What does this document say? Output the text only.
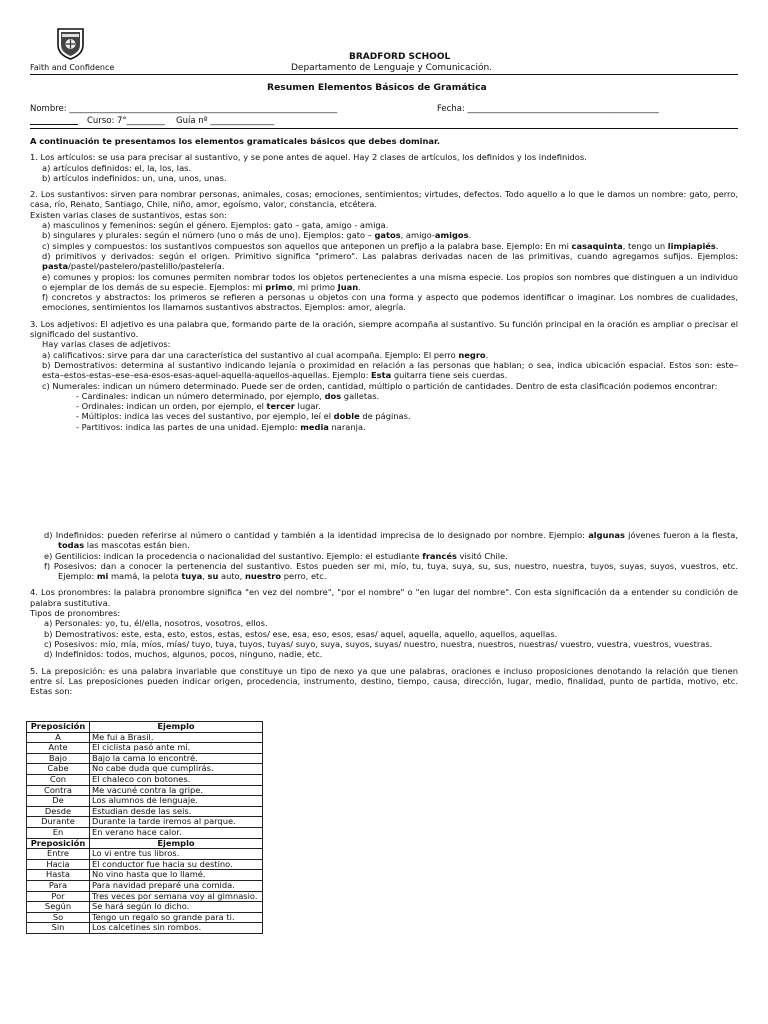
Faith and Confidence
BRADFORD SCHOOL
Departamento de Lenguaje y Comunicación.
Resumen Elementos Básicos de Gramática
Nombre: _______________________________________________________________	Fecha: _____________________________________________
Curso: 7°_________ Guía nº _______________

A continuación te presentamos los elementos gramaticales básicos que debes dominar.

1. Los artículos: se usa para precisar al sustantivo, y se pone antes de aquel. Hay 2 clases de artículos, los definidos y los indefinidos.

a) artículos definidos: el, la, los, las.

b) artículos indefinidos: un, una, unos, unas.

2. Los sustantivos: sirven para nombrar personas, animales, cosas; emociones, sentimientos; virtudes, defectos. Todo aquello a lo que le damos un nombre: gato, perro, casa, río, Renato, Santiago, Chile, niño, amor, egoísmo, valor, constancia, etcétera.

Existen varias clases de sustantivos, estas son:

a) masculinos y femeninos: según el género. Ejemplos: gato – gata, amigo - amiga.

b) singulares y plurales: según el número (uno o más de uno). Ejemplos: gato – gatos, amigo-amigos.

c) simples y compuestos: los sustantivos compuestos son aquellos que anteponen un prefijo a la palabra base. Ejemplo: En mi casaquinta, tengo un limpiapiés.

d) primitivos y derivados: según el origen. Primitivo significa "primero". Las palabras derivadas nacen de las primitivas, cuando agregamos sufijos. Ejemplos: pasta/pastel/pastelero/pastelillo/pastelería.

e) comunes y propios: los comunes permiten nombrar todos los objetos pertenecientes a una misma especie. Los propios son nombres que distinguen a un individuo o ejemplar de los demás de su especie. Ejemplos: mi primo, mi primo Juan.

f) concretos y abstractos: los primeros se refieren a personas u objetos con una forma y aspecto que podemos identificar o imaginar. Los nombres de cualidades, emociones, sentimientos los llamamos sustantivos abstractos. Ejemplos: amor, alegría.

3. Los adjetivos: El adjetivo es una palabra que, formando parte de la oración, siempre acompaña al sustantivo. Su función principal en la oración es ampliar o precisar el significado del sustantivo.

Hay varias clases de adjetivos:

a) calificativos: sirve para dar una característica del sustantivo al cual acompaña. Ejemplo: El perro negro.

b) Demostrativos: determina al sustantivo indicando lejanía o proximidad en relación a las personas que hablan; o sea, indica ubicación espacial. Estos son: este–esta–estos-estas–ese–esa-esos-esas-aquel-aquella-aquellos-aquellas. Ejemplo: Esta guitarra tiene seis cuerdas.

c) Numerales: indican un número determinado. Puede ser de orden, cantidad, múltiplo o partición de cantidades. Dentro de esta clasificación podemos encontrar:

- Cardinales: indican un número determinado, por ejemplo, dos galletas.

- Ordinales: indican un orden, por ejemplo, el tercer lugar.

- Múltiplos: indica las veces del sustantivo, por ejemplo, leí el doble de páginas.

- Partitivos: indica las partes de una unidad. Ejemplo: media naranja.

d) Indefinidos: pueden referirse al número o cantidad y también a la identidad imprecisa de lo designado por nombre. Ejemplo: algunas jóvenes fueron a la fiesta, todas las mascotas están bien.

e) Gentilicios: indican la procedencia o nacionalidad del sustantivo. Ejemplo: el estudiante francés visitó Chile.

f) Posesivos: dan a conocer la pertenencia del sustantivo. Estos pueden ser mi, mío, tu, tuya, suya, su, sus, nuestro, nuestra, tuyos, suyas, suyos, vuestros, etc. Ejemplo: mi mamá, la pelota tuya, su auto, nuestro perro, etc.

4. Los pronombres: la palabra pronombre significa "en vez del nombre", "por el nombre" o "en lugar del nombre". Con esta significación da a entender su condición de palabra sustitutiva.

Tipos de pronombres:

a) Personales: yo, tu, él/ella, nosotros, vosotros, ellos.

b) Demostrativos: este, esta, esto, estos, estas, estos/ ese, esa, eso, esos, esas/ aquel, aquella, aquello, aquellos, aquellas.

c) Posesivos: mío, mía, míos, mías/ tuyo, tuya, tuyos, tuyas/ suyo, suya, suyos, suyas/ nuestro, nuestra, nuestros, nuestras/ vuestro, vuestra, vuestros, vuestras.

d) Indefinidos: todos, muchos, algunos, pocos, ninguno, nadie, etc.

5. La preposición: es una palabra invariable que constituye un tipo de nexo ya que une palabras, oraciones e incluso proposiciones denotando la relación que tienen entre sí. Las preposiciones pueden indicar origen, procedencia, instrumento, destino, tiempo, causa, dirección, lugar, medio, finalidad, punto de partida, motivo, etc. Estas son:

Preposición	Ejemplo
A	Me fui a Brasil.
Ante	El ciclista pasó ante mí.
Bajo	Bajo la cama lo encontré.
Cabe	No cabe duda que cumplirás.
Con	El chaleco con botones.
Contra	Me vacuné contra la gripe.
De	Los alumnos de lenguaje.
Desde	Estudian desde las seis.
Durante	Durante la tarde iremos al parque.
En	En verano hace calor.
Preposición	Ejemplo
Entre	Lo vi entre tus libros.
Hacia	El conductor fue hacia su destino.
Hasta	No vino hasta que lo llamé.
Para	Para navidad preparé una comida.
Por	Tres veces por semana voy al gimnasio.
Según	Se hará según lo dicho.
So	Tengo un regalo so grande para ti.
Sin	Los calcetines sin rombos.
